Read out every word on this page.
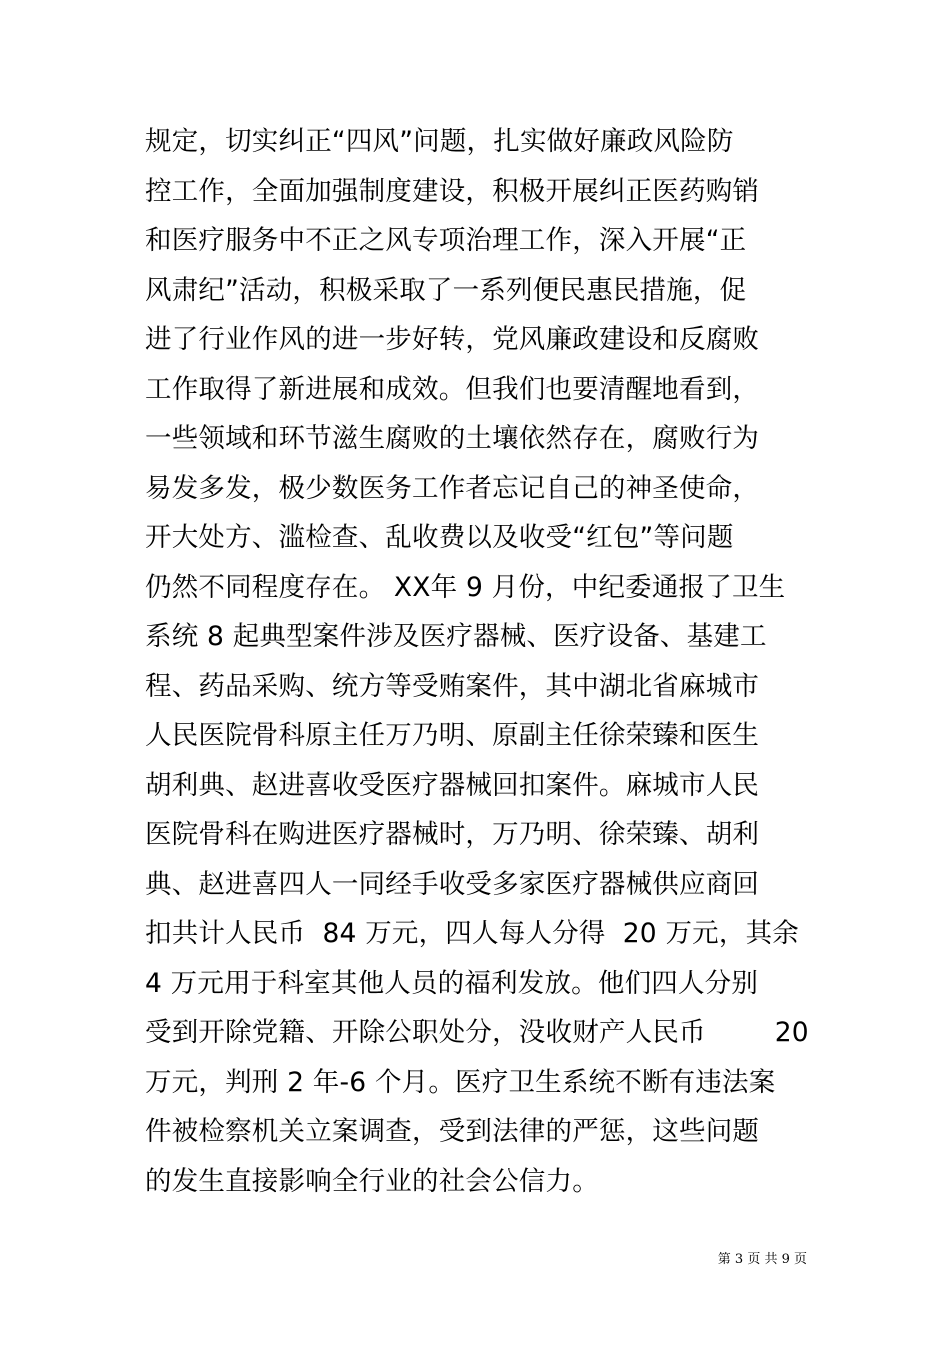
规定，切实纠正“四风”问题，扎实做好廉政风险防
控工作，全面加强制度建设，积极开展纠正医药购销
和医疗服务中不正之风专项治理工作，深入开展“正
风肃纪”活动，积极采取了一系列便民惠民措施，促
进了行业作风的进一步好转，党风廉政建设和反腐败
工作取得了新进展和成效。但我们也要清醒地看到，
一些领域和环节滋生腐败的土壤依然存在，腐败行为
易发多发，极少数医务工作者忘记自己的神圣使命，
开大处方、滥检查、乱收费以及收受“红包”等问题
仍然不同程度存在。 XX年 9 月份，中纪委通报了卫生
系统 8 起典型案件涉及医疗器械、医疗设备、基建工
程、药品采购、统方等受贿案件，其中湖北省麻城市
人民医院骨科原主任万乃明、原副主任徐荣臻和医生
胡利典、赵进喜收受医疗器械回扣案件。麻城市人民
医院骨科在购进医疗器械时，万乃明、徐荣臻、胡利
典、赵进喜四人一同经手收受多家医疗器械供应商回
扣共计人民币  84 万元，四人每人分得  20 万元，其余
4 万元用于科室其他人员的福利发放。他们四人分别
受到开除党籍、开除公职处分，没收财产人民币        20
万元，判刑 2 年-6 个月。医疗卫生系统不断有违法案
件被检察机关立案调查，受到法律的严惩，这些问题
的发生直接影响全行业的社会公信力。
第 3 页 共 9 页
